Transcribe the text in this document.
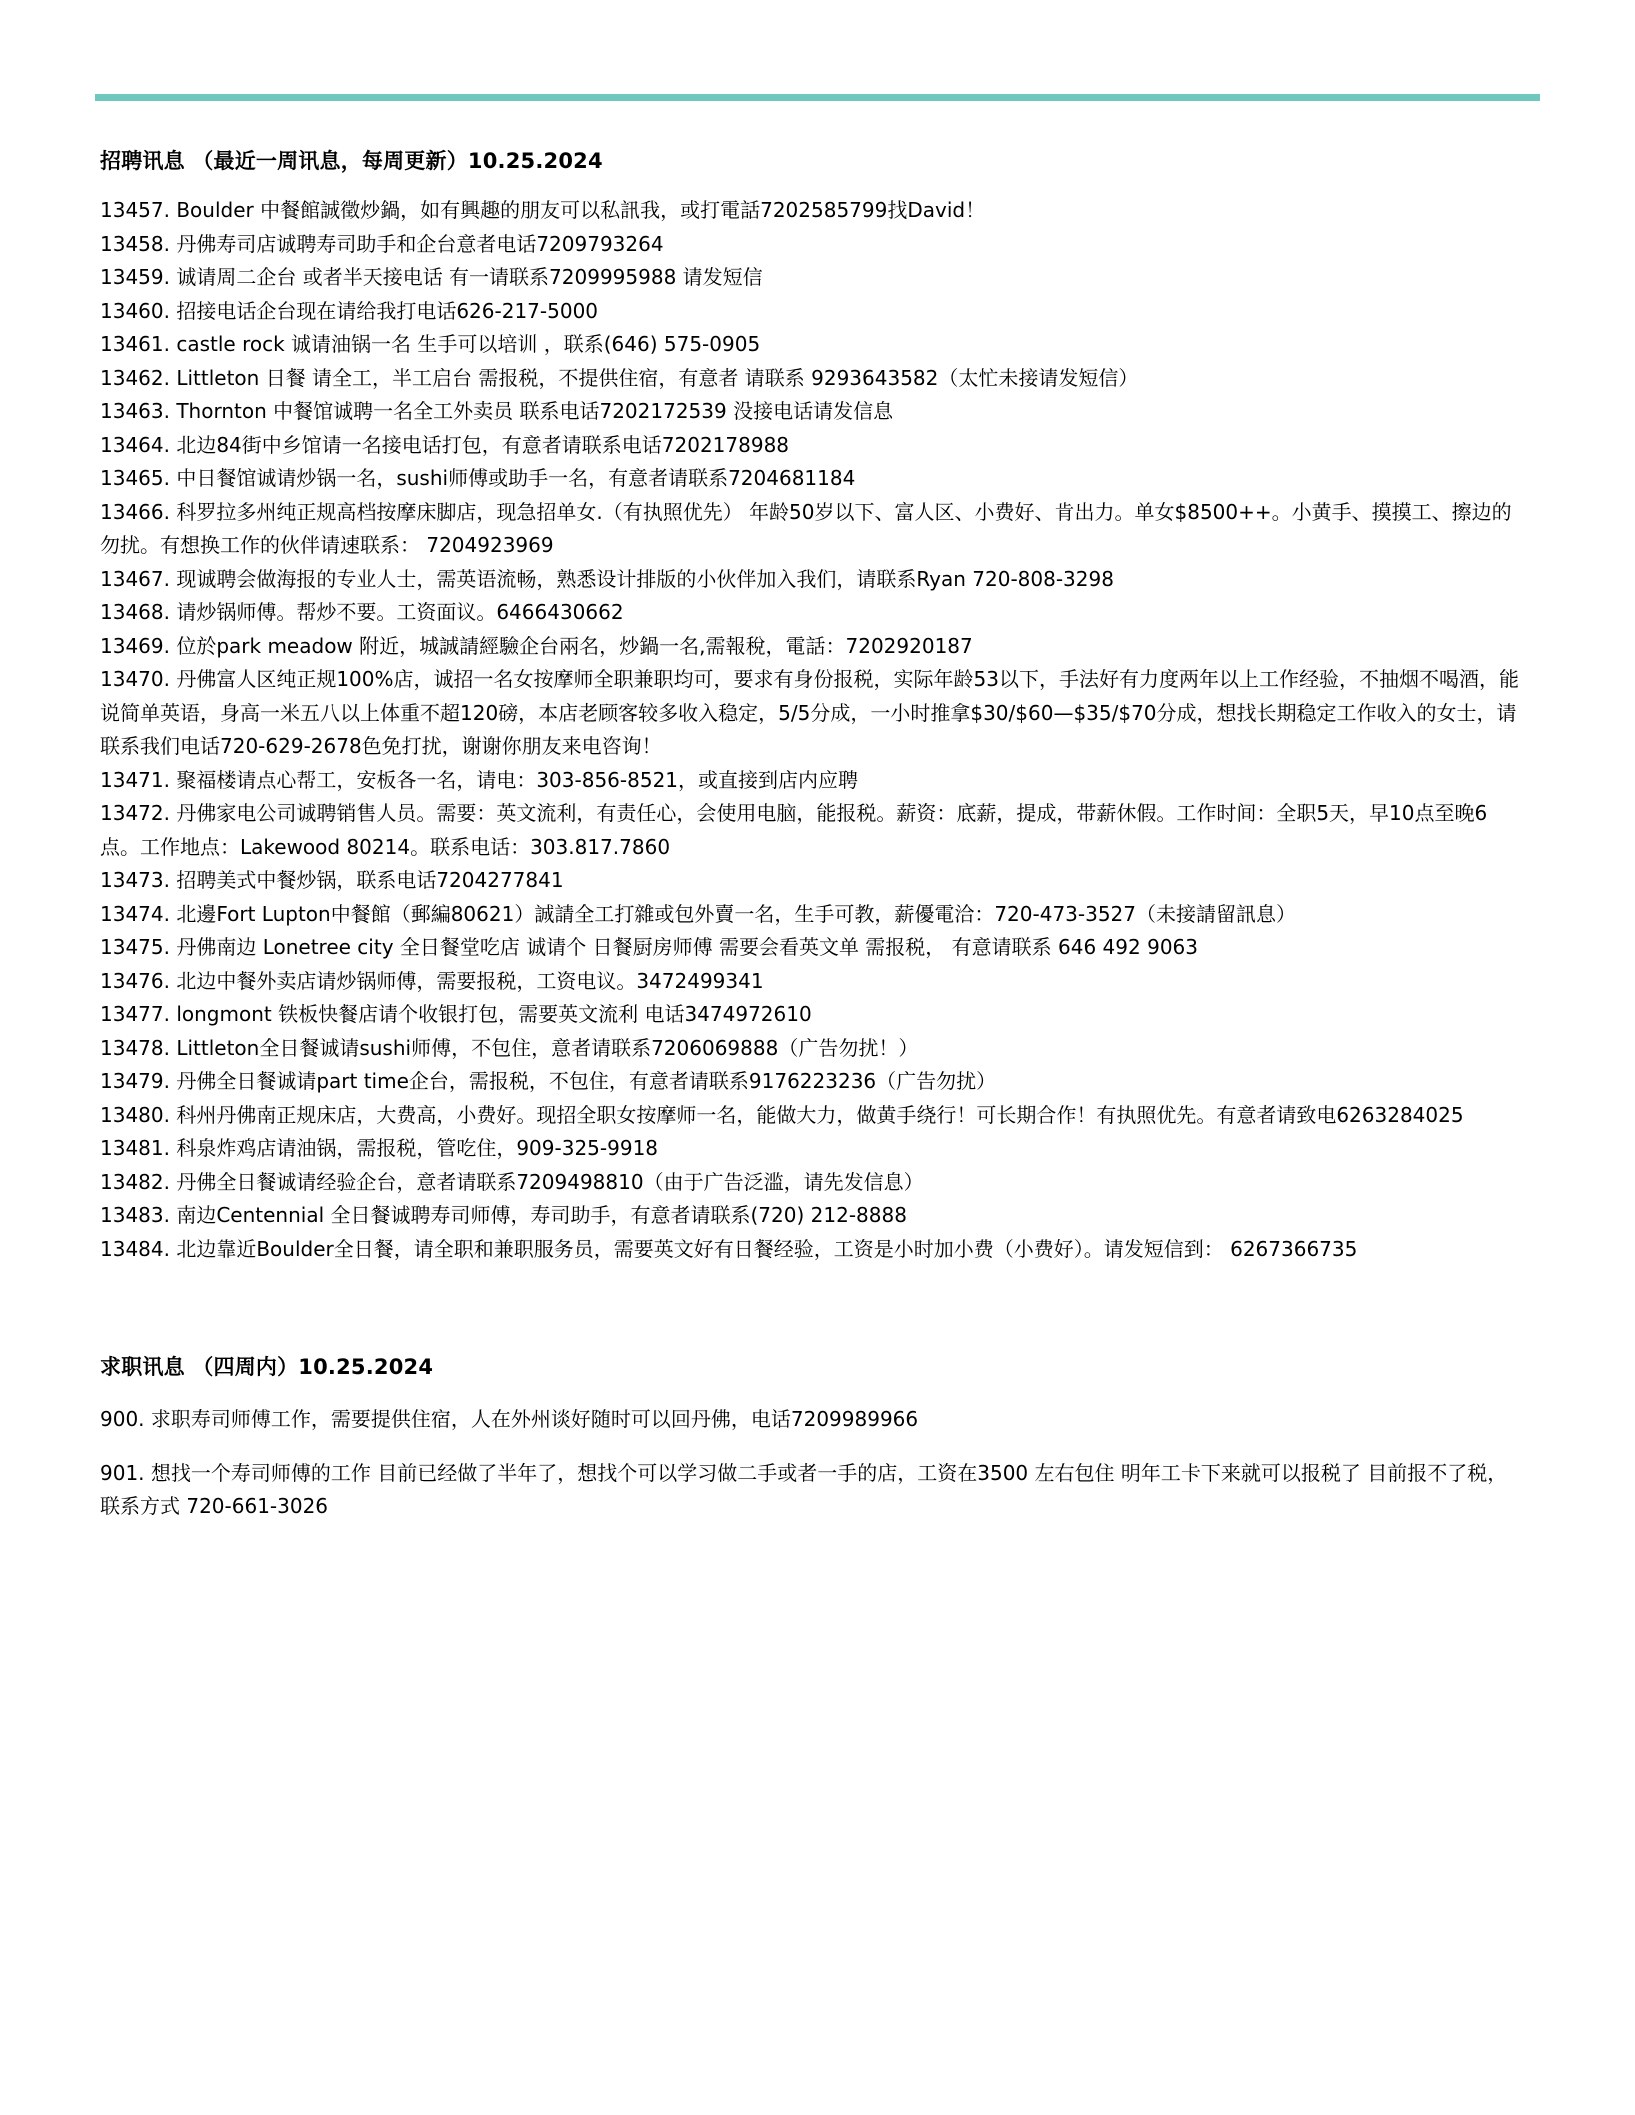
招聘讯息 （最近一周讯息，每周更新）10.25.2024

13457. Boulder 中餐館誠徵炒鍋，如有興趣的朋友可以私訊我，或打電話7202585799找David！

13458. 丹佛寿司店诚聘寿司助手和企台意者电话7209793264

13459. 诚请周二企台 或者半天接电话 有一请联系7209995988 请发短信

13460. 招接电话企台现在请给我打电话626-217-5000

13461. castle rock 诚请油锅一名 生手可以培训 ，联系(646) 575-0905

13462. Littleton 日餐 请全工，半工启台 需报税，不提供住宿，有意者 请联系 9293643582（太忙未接请发短信）

13463. Thornton 中餐馆诚聘一名全工外卖员 联系电话7202172539 没接电话请发信息

13464. 北边84街中乡馆请一名接电话打包，有意者请联系电话7202178988

13465. 中日餐馆诚请炒锅一名，sushi师傅或助手一名，有意者请联系7204681184

13466. 科罗拉多州纯正规高档按摩床脚店，现急招单女.（有执照优先） 年龄50岁以下、富人区、小费好、肯出力。单女$8500++。小黄手、摸摸工、擦边的勿扰。有想换工作的伙伴请速联系： 7204923969

13467. 现诚聘会做海报的专业人士，需英语流畅，熟悉设计排版的小伙伴加入我们，请联系Ryan 720-808-3298

13468. 请炒锅师傅。帮炒不要。工资面议。6466430662

13469. 位於park meadow 附近，城誠請經驗企台兩名，炒鍋一名,需報稅，電話：7202920187

13470. 丹佛富人区纯正规100%店，诚招一名女按摩师全职兼职均可，要求有身份报税，实际年龄53以下，手法好有力度两年以上工作经验，不抽烟不喝酒，能说简单英语，身高一米五八以上体重不超120磅，本店老顾客较多收入稳定，5/5分成，一小时推拿$30/$60—$35/$70分成，想找长期稳定工作收入的女士，请联系我们电话720-629-2678色免打扰，谢谢你朋友来电咨询！

13471. 聚福楼请点心帮工，安板各一名，请电：303-856-8521，或直接到店内应聘

13472. 丹佛家电公司诚聘销售人员。需要：英文流利，有责任心，会使用电脑，能报税。薪资：底薪，提成，带薪休假。工作时间：全职5天，早10点至晚6点。工作地点：Lakewood 80214。联系电话：303.817.7860

13473. 招聘美式中餐炒锅，联系电话7204277841

13474. 北邊Fort Lupton中餐館（郵編80621）誠請全工打雜或包外賣一名，生手可教，薪優電洽：720-473-3527（未接請留訊息）

13475. 丹佛南边 Lonetree city 全日餐堂吃店 诚请个 日餐厨房师傅 需要会看英文单 需报税， 有意请联系 646 492 9063

13476. 北边中餐外卖店请炒锅师傅，需要报税，工资电议。3472499341

13477. longmont 铁板快餐店请个收银打包，需要英文流利 电话3474972610

13478. Littleton全日餐诚请sushi师傅，不包住，意者请联系7206069888（广告勿扰！）

13479. 丹佛全日餐诚请part time企台，需报税，不包住，有意者请联系9176223236（广告勿扰）

13480. 科州丹佛南正规床店，大费高，小费好。现招全职女按摩师一名，能做大力，做黄手绕行！可长期合作！有执照优先。有意者请致电6263284025

13481. 科泉炸鸡店请油锅，需报税，管吃住，909-325-9918

13482. 丹佛全日餐诚请经验企台，意者请联系7209498810（由于广告泛滥，请先发信息）

13483. 南边Centennial 全日餐诚聘寿司师傅，寿司助手，有意者请联系(720) 212-8888

13484. 北边靠近Boulder全日餐，请全职和兼职服务员，需要英文好有日餐经验，工资是小时加小费（小费好）。请发短信到： 6267366735

求职讯息 （四周内）10.25.2024

900. 求职寿司师傅工作，需要提供住宿，人在外州谈好随时可以回丹佛，电话7209989966

901. 想找一个寿司师傅的工作 目前已经做了半年了，想找个可以学习做二手或者一手的店，工资在3500 左右包住 明年工卡下来就可以报税了 目前报不了税，联系方式 720-661-3026
